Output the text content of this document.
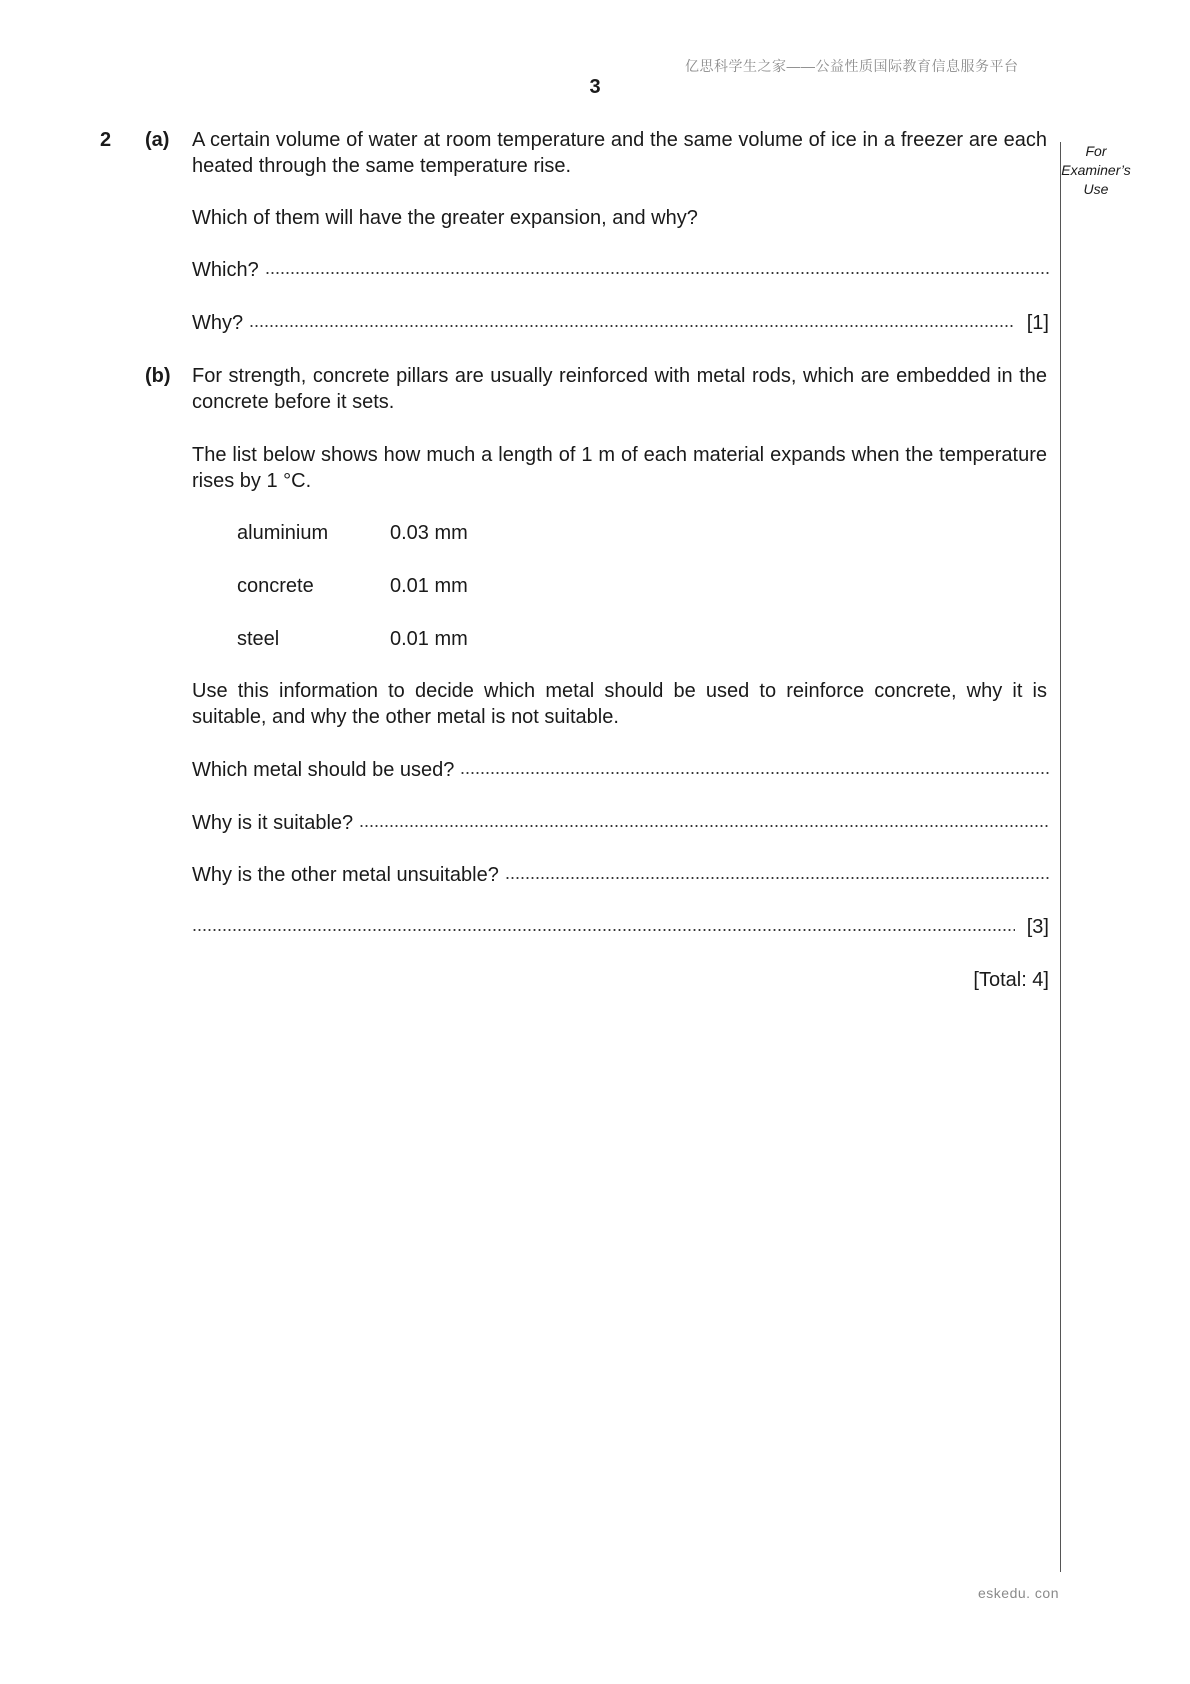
亿思科学生之家——公益性质国际教育信息服务平台
3
For
Examiner’s
Use
2 (a) A certain volume of water at room temperature and the same volume of ice in a freezer are each heated through the same temperature rise.
Which of them will have the greater expansion, and why?
Which?
Why?	[1]
(b) For strength, concrete pillars are usually reinforced with metal rods, which are embedded in the concrete before it sets.
The list below shows how much a length of 1 m of each material expands when the temperature rises by 1 °C.
aluminium	0.03 mm
concrete	0.01 mm
steel	0.01 mm
Use this information to decide which metal should be used to reinforce concrete, why it is suitable, and why the other metal is not suitable.
Which metal should be used?
Why is it suitable?
Why is the other metal unsuitable?
[3]
[Total: 4]
eskedu. con
